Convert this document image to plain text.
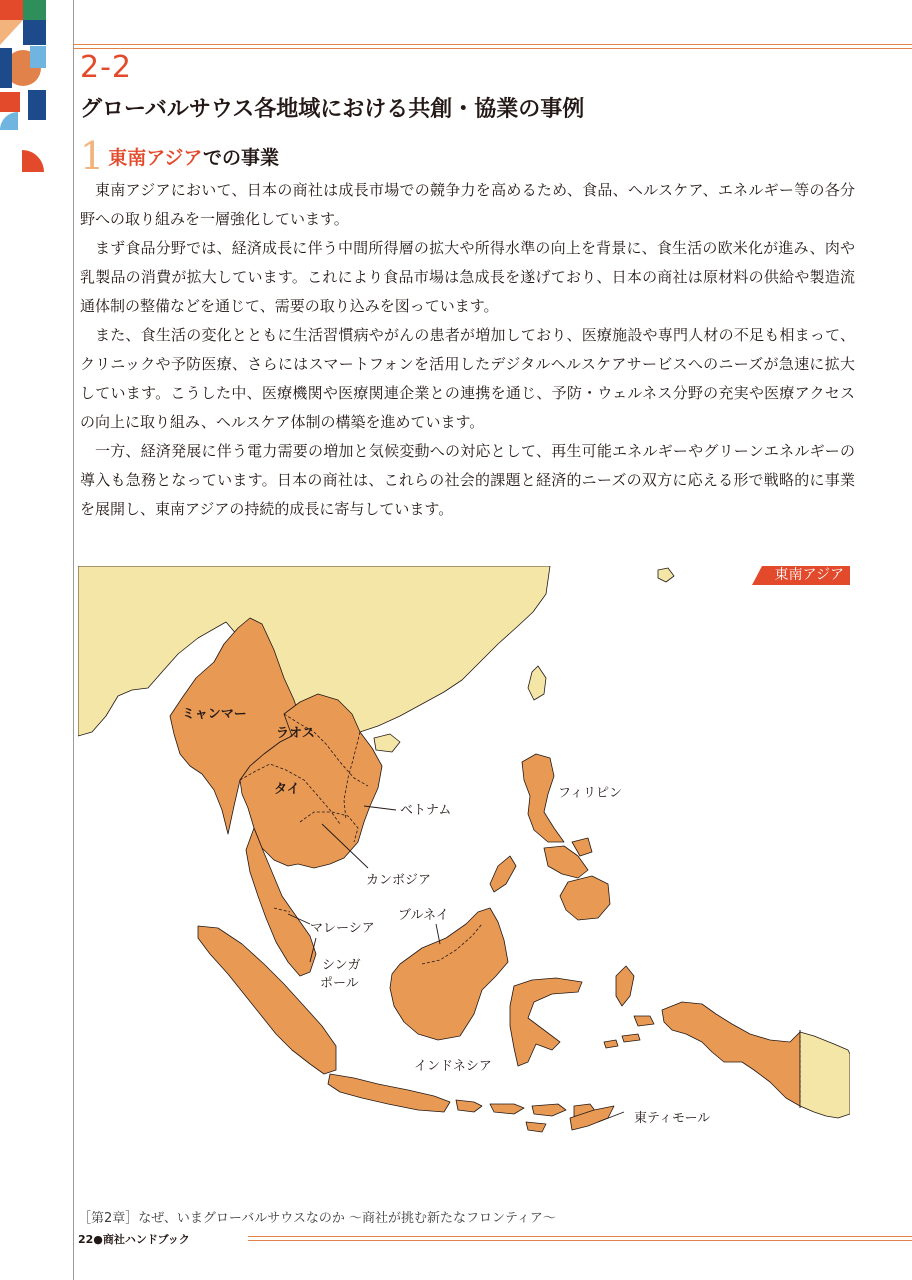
2-2
グローバルサウス各地域における共創・協業の事例
1 東南アジアでの事業

東南アジアにおいて、日本の商社は成長市場での競争力を高めるため、食品、ヘルスケア、エネルギー等の各分野への取り組みを一層強化しています。

まず食品分野では、経済成長に伴う中間所得層の拡大や所得水準の向上を背景に、食生活の欧米化が進み、肉や乳製品の消費が拡大しています。これにより食品市場は急成長を遂げており、日本の商社は原材料の供給や製造流通体制の整備などを通じて、需要の取り込みを図っています。

また、食生活の変化とともに生活習慣病やがんの患者が増加しており、医療施設や専門人材の不足も相まって、クリニックや予防医療、さらにはスマートフォンを活用したデジタルヘルスケアサービスへのニーズが急速に拡大しています。こうした中、医療機関や医療関連企業との連携を通じ、予防・ウェルネス分野の充実や医療アクセスの向上に取り組み、ヘルスケア体制の構築を進めています。

一方、経済発展に伴う電力需要の増加と気候変動への対応として、再生可能エネルギーやグリーンエネルギーの導入も急務となっています。日本の商社は、これらの社会的課題と経済的ニーズの双方に応える形で戦略的に事業を展開し、東南アジアの持続的成長に寄与しています。

ミャンマー
ラオス
タイ
ベトナム
カンボジア
フィリピン
マレーシア
ブルネイ
シンガ
ポール
インドネシア
東ティモール
東南アジア
［第2章］なぜ、いまグローバルサウスなのか ～商社が挑む新たなフロンティア～
22●商社ハンドブック
